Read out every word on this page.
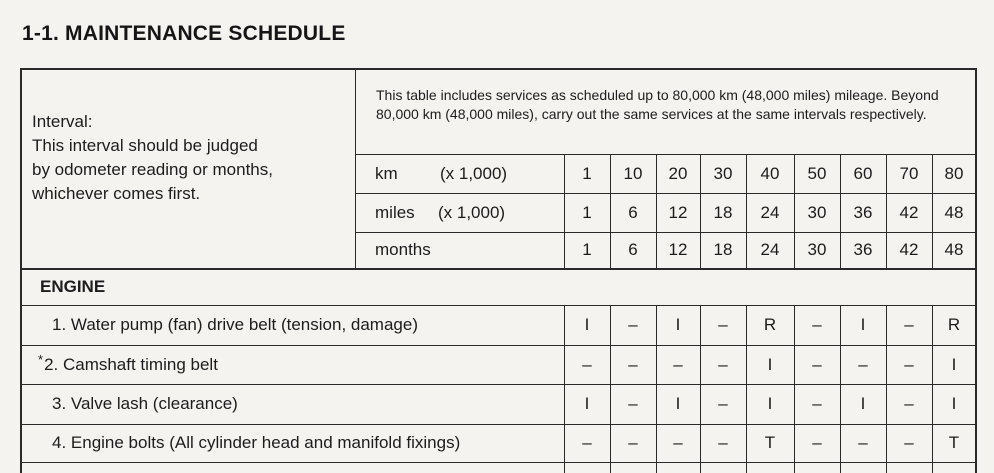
1-1. MAINTENANCE SCHEDULE
Interval:
This interval should be judged
by odometer reading or months,
whichever comes first.
This table includes services as scheduled up to 80,000 km (48,000 miles) mileage. Beyond 80,000 km (48,000 miles), carry out the same services at the same intervals respectively.
km (x 1,000)	1	10	20	30	40	50	60	70	80
miles (x 1,000)	1	6	12	18	24	30	36	42	48
months	1	6	12	18	24	30	36	42	48
ENGINE
1. Water pump (fan) drive belt (tension, damage)	I	–	I	–	R	–	I	–	R
*2. Camshaft timing belt	–	–	–	–	I	–	–	–	I
3. Valve lash (clearance)	I	–	I	–	I	–	I	–	I
4. Engine bolts (All cylinder head and manifold fixings)	–	–	–	–	T	–	–	–	T
